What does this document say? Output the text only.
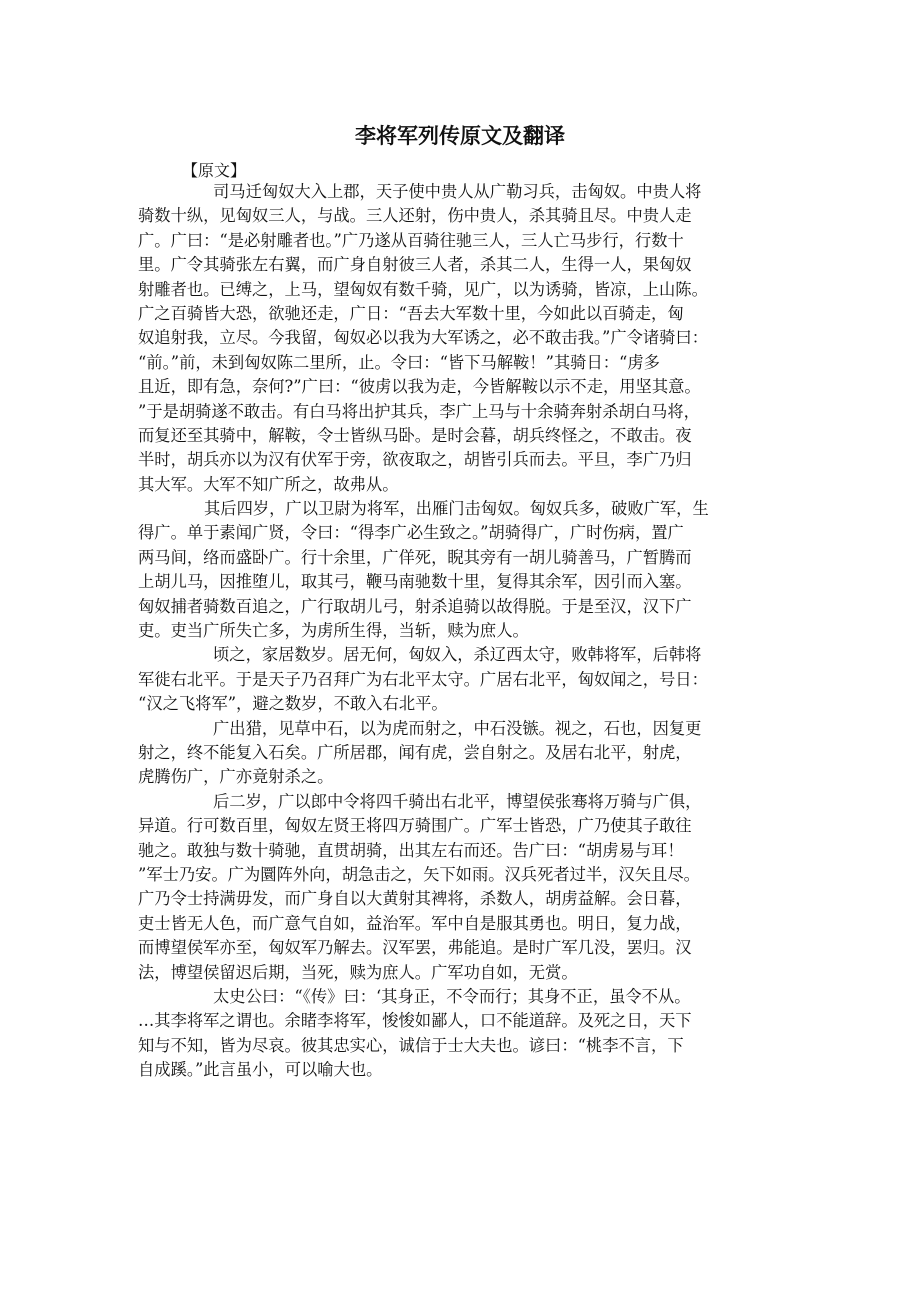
李将军列传原文及翻译

【原文】

司马迁匈奴大入上郡，天子使中贵人从广勒习兵，击匈奴。中贵人将
骑数十纵，见匈奴三人，与战。三人还射，伤中贵人，杀其骑且尽。中贵人走
广。广曰：“是必射雕者也。”广乃遂从百骑往驰三人，三人亡马步行，行数十
里。广令其骑张左右翼，而广身自射彼三人者，杀其二人，生得一人，果匈奴
射雕者也。已缚之，上马，望匈奴有数千骑，见广，以为诱骑，皆凉，上山陈。
广之百骑皆大恐，欲驰还走，广日：“吾去大军数十里，今如此以百骑走，匈
奴追射我，立尽。今我留，匈奴必以我为大军诱之，必不敢击我。”广令诸骑曰：
“前。”前，未到匈奴陈二里所，止。令曰：“皆下马解鞍！”其骑日：“虏多
且近，即有急，奈何?”广曰：“彼虏以我为走，今皆解鞍以示不走，用坚其意。
”于是胡骑遂不敢击。有白马将出护其兵，李广上马与十余骑奔射杀胡白马将，
而复还至其骑中，解鞍，令士皆纵马卧。是时会暮，胡兵终怪之，不敢击。夜
半时，胡兵亦以为汉有伏军于旁，欲夜取之，胡皆引兵而去。平旦，李广乃归
其大军。大军不知广所之，故弗从。
其后四岁，广以卫尉为将军，出雁门击匈奴。匈奴兵多，破败广军，生
得广。单于素闻广贤，令曰：“得李广必生致之。”胡骑得广，广时伤病，置广
两马间，络而盛卧广。行十余里，广佯死，睨其旁有一胡儿骑善马，广暂腾而
上胡儿马，因推堕儿，取其弓，鞭马南驰数十里，复得其余军，因引而入塞。
匈奴捕者骑数百追之，广行取胡儿弓，射杀追骑以故得脱。于是至汉，汉下广
吏。吏当广所失亡多，为虏所生得，当斩，赎为庶人。
顷之，家居数岁。居无何，匈奴入，杀辽西太守，败韩将军，后韩将
军徙右北平。于是天子乃召拜广为右北平太守。广居右北平，匈奴闻之，号日：
“汉之飞将军”，避之数岁，不敢入右北平。
广出猎，见草中石，以为虎而射之，中石没镞。视之，石也，因复更
射之，终不能复入石矣。广所居郡，闻有虎，尝自射之。及居右北平，射虎，
虎腾伤广，广亦竟射杀之。
后二岁，广以郎中令将四千骑出右北平，博望侯张骞将万骑与广俱，
异道。行可数百里，匈奴左贤王将四万骑围广。广军士皆恐，广乃使其子敢往
驰之。敢独与数十骑驰，直贯胡骑，出其左右而还。告广曰：“胡虏易与耳！
”军士乃安。广为圜阵外向，胡急击之，矢下如雨。汉兵死者过半，汉矢且尽。
广乃令士持满毋发，而广身自以大黄射其裨将，杀数人，胡虏益解。会日暮，
吏士皆无人色，而广意气自如，益治军。军中自是服其勇也。明日，复力战，
而博望侯军亦至，匈奴军乃解去。汉军罢，弗能追。是时广军几没，罢归。汉
法，博望侯留迟后期，当死，赎为庶人。广军功自如，无赏。
太史公曰：“《传》曰：‘其身正，不令而行；其身不正，虽令不从。
…其李将军之谓也。余睹李将军，悛悛如鄙人，口不能道辞。及死之日，天下
知与不知，皆为尽哀。彼其忠实心，诚信于士大夫也。谚曰：“桃李不言，下
自成蹊。”此言虽小，可以喻大也。
